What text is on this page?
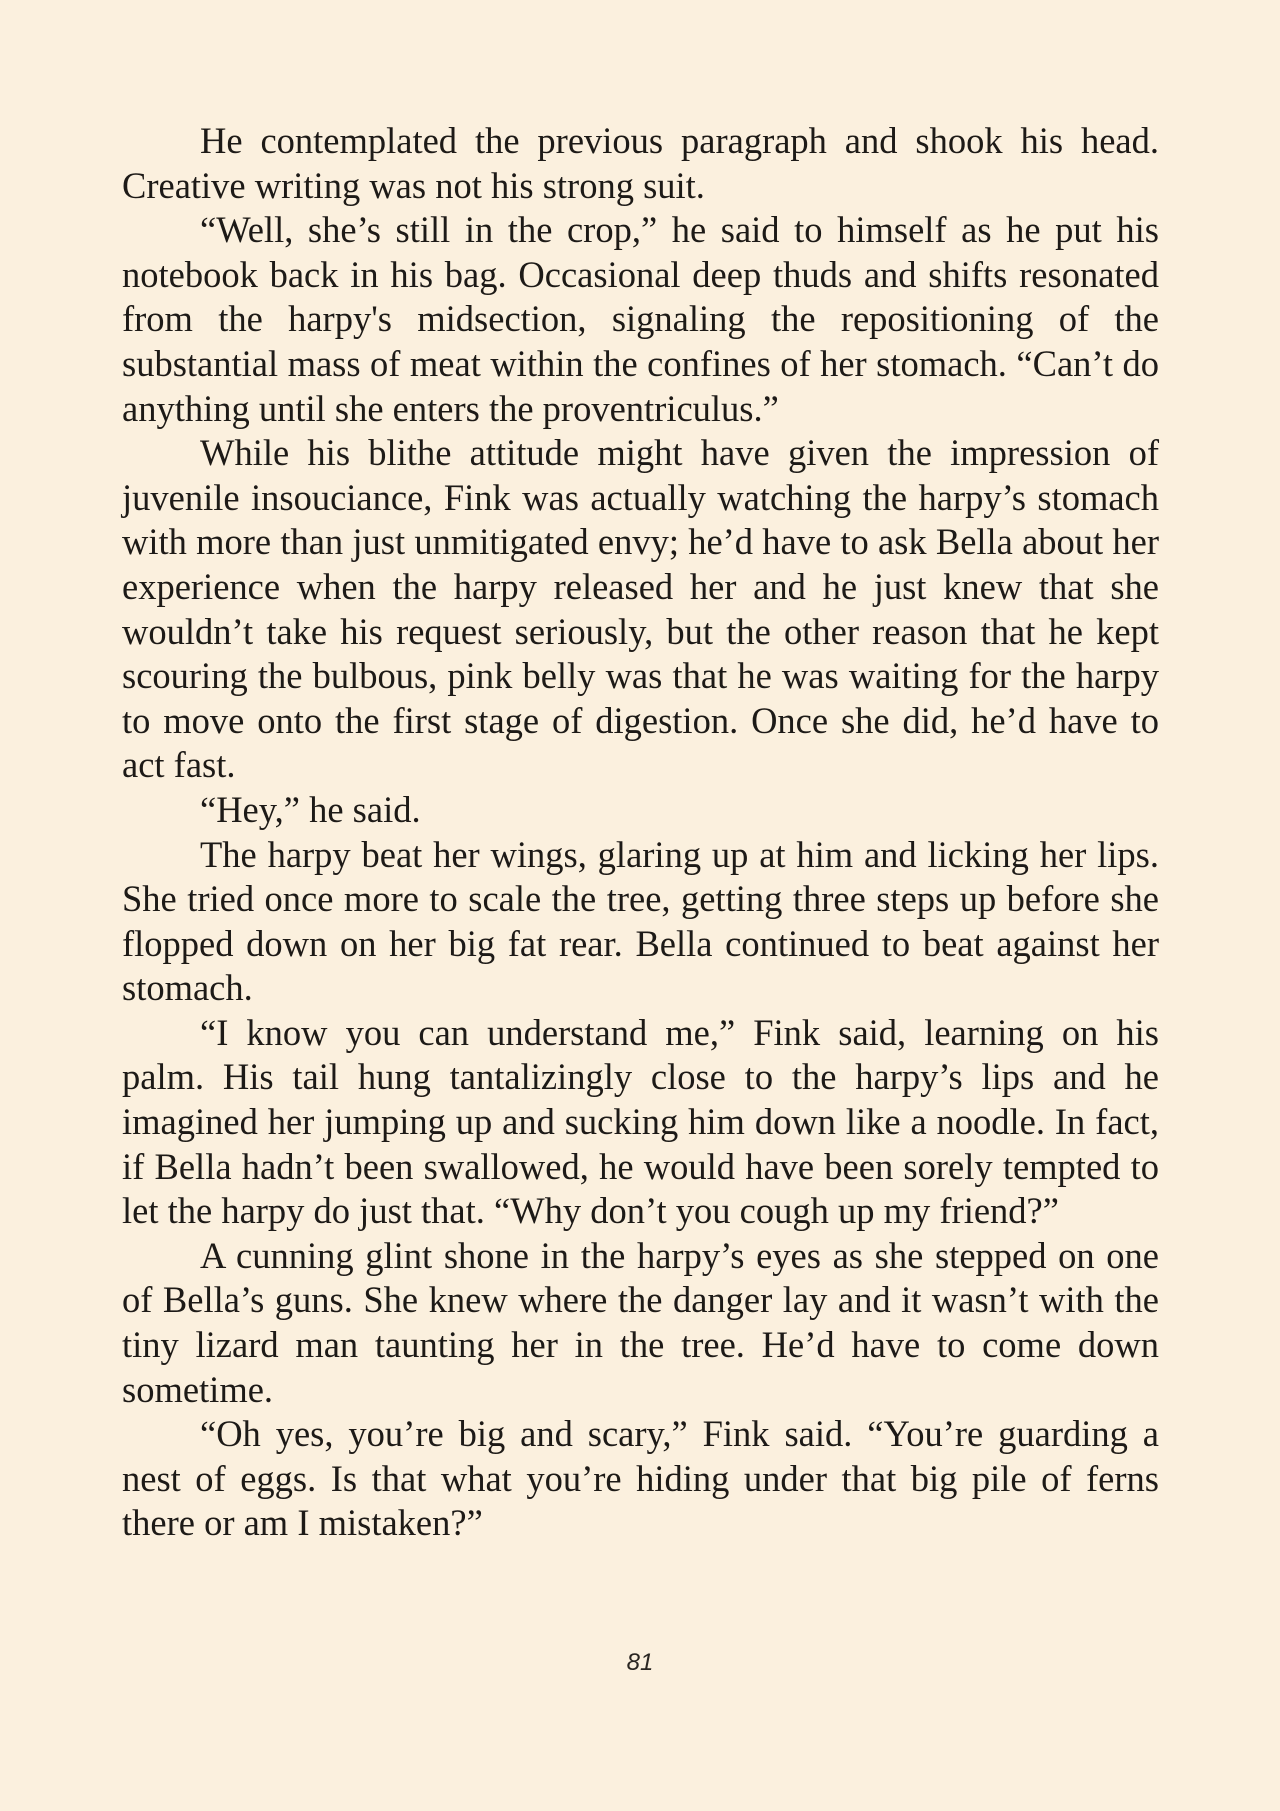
He contemplated the previous paragraph and shook his head. Creative writing was not his strong suit.

“Well, she’s still in the crop,” he said to himself as he put his notebook back in his bag. Occasional deep thuds and shifts resonated from the harpy's midsection, signaling the repositioning of the substantial mass of meat within the confines of her stomach. “Can’t do anything until she enters the proventriculus.”

While his blithe attitude might have given the impression of juvenile insouciance, Fink was actually watching the harpy’s stomach with more than just unmitigated envy; he’d have to ask Bella about her experience when the harpy released her and he just knew that she wouldn’t take his request seriously, but the other reason that he kept scouring the bulbous, pink belly was that he was waiting for the harpy to move onto the first stage of digestion. Once she did, he’d have to act fast.

“Hey,” he said.

The harpy beat her wings, glaring up at him and licking her lips. She tried once more to scale the tree, getting three steps up before she flopped down on her big fat rear. Bella continued to beat against her stomach.

“I know you can understand me,” Fink said, learning on his palm. His tail hung tantalizingly close to the harpy’s lips and he imagined her jumping up and sucking him down like a noodle. In fact, if Bella hadn’t been swallowed, he would have been sorely tempted to let the harpy do just that. “Why don’t you cough up my friend?”

A cunning glint shone in the harpy’s eyes as she stepped on one of Bella’s guns. She knew where the danger lay and it wasn’t with the tiny lizard man taunting her in the tree. He’d have to come down sometime.

“Oh yes, you’re big and scary,” Fink said. “You’re guarding a nest of eggs. Is that what you’re hiding under that big pile of ferns there or am I mistaken?”

81
